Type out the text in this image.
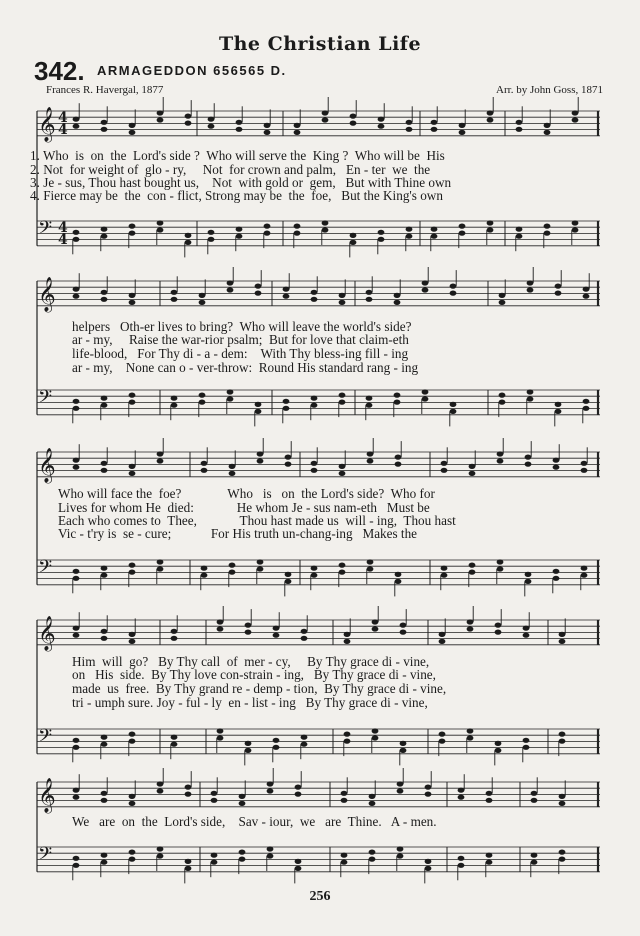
The Christian Life
342. ARMAGEDDON 656565 D.
Frances R. Havergal, 1877	Arr. by John Goss, 1871
𝄞
𝄢
𝄞
𝄢
𝄞
𝄢
𝄞
𝄢
𝄞
𝄢
4
4
4
4
1. Who  is  on  the  Lord's side ?  Who will serve the  King ?  Who will be  His
2. Not  for weight of  glo - ry,     Not  for crown and palm,   En - ter  we  the
3. Je - sus, Thou hast bought us,    Not  with gold or  gem,   But with Thine own
4. Fierce may be  the  con - flict, Strong may be  the  foe,   But the King's own
helpers   Oth-er lives to bring?  Who will leave the world's side?
ar - my,     Raise the war-rior psalm;  But for love that claim-eth
life-blood,   For Thy di - a - dem:    With Thy bless-ing fill - ing
ar - my,    None can o - ver-throw:  Round His standard rang - ing
Who will face the  foe?              Who   is   on  the Lord's side?  Who for
Lives for whom He  died:             He whom Je - sus nam-eth   Must be
Each who comes to  Thee,             Thou hast made us  will - ing,  Thou hast
Vic - t'ry is  se - cure;            For His truth un-chang-ing   Makes the
Him  will  go?   By Thy call  of  mer - cy,     By Thy grace di - vine,
on   His  side.  By Thy love con-strain - ing,   By Thy grace di - vine,
made  us  free.  By Thy grand re - demp - tion,  By Thy grace di - vine,
tri - umph sure. Joy - ful - ly  en - list - ing   By Thy grace di - vine,
We   are  on  the  Lord's side,    Sav - iour,  we   are  Thine.   A - men.
256
